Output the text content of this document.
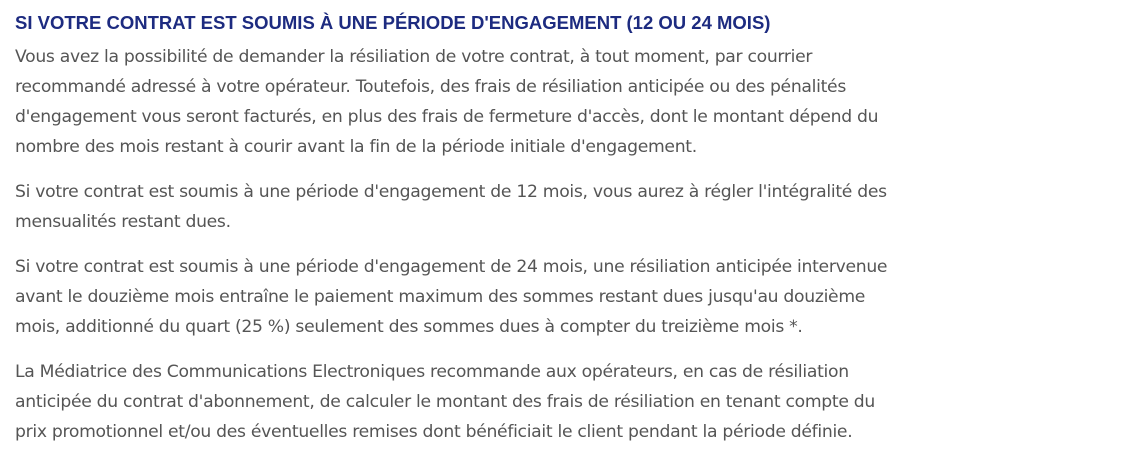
SI VOTRE CONTRAT EST SOUMIS À UNE PÉRIODE D'ENGAGEMENT (12 OU 24 MOIS)

Vous avez la possibilité de demander la résiliation de votre contrat, à tout moment, par courrier
recommandé adressé à votre opérateur. Toutefois, des frais de résiliation anticipée ou des pénalités
d'engagement vous seront facturés, en plus des frais de fermeture d'accès, dont le montant dépend du
nombre des mois restant à courir avant la fin de la période initiale d'engagement.

Si votre contrat est soumis à une période d'engagement de 12 mois, vous aurez à régler l'intégralité des
mensualités restant dues.

Si votre contrat est soumis à une période d'engagement de 24 mois, une résiliation anticipée intervenue
avant le douzième mois entraîne le paiement maximum des sommes restant dues jusqu'au douzième
mois, additionné du quart (25 %) seulement des sommes dues à compter du treizième mois *.

La Médiatrice des Communications Electroniques recommande aux opérateurs, en cas de résiliation
anticipée du contrat d'abonnement, de calculer le montant des frais de résiliation en tenant compte du
prix promotionnel et/ou des éventuelles remises dont bénéficiait le client pendant la période définie.
